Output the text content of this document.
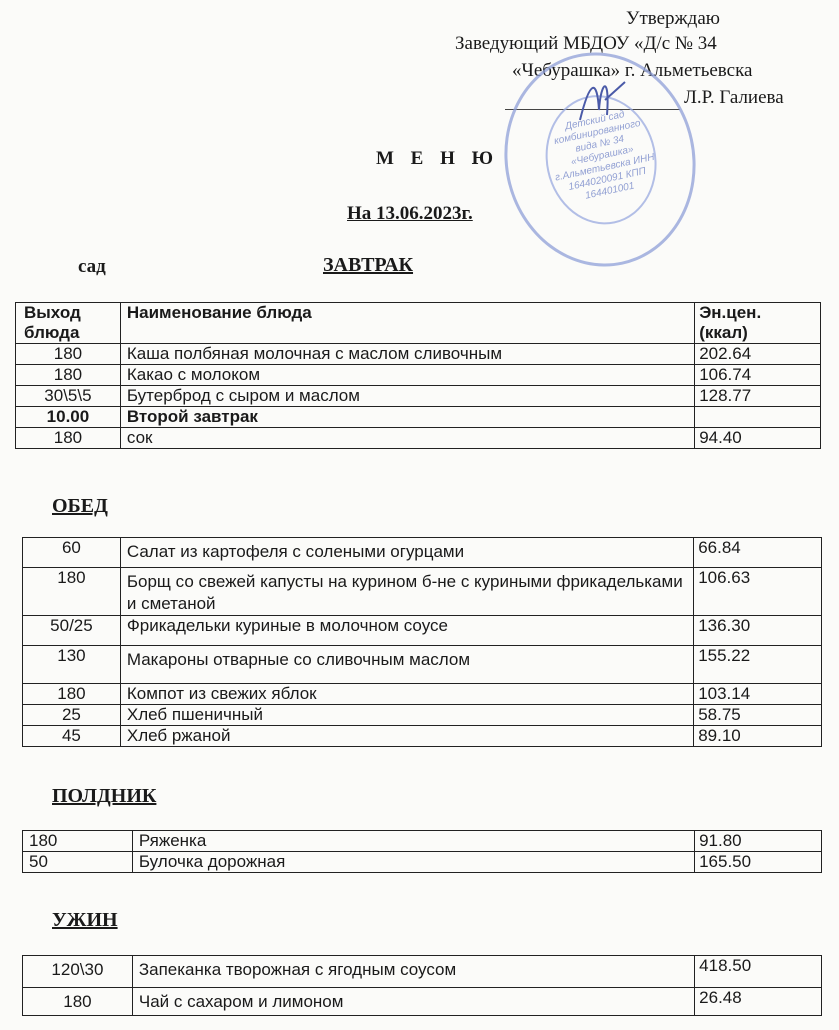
Утверждаю
Заведующий МБДОУ «Д/с № 34
«Чебурашка» г. Альметьевска
Л.Р. Галиева
Детский сад комбинированного вида № 34 «Чебурашка» г.Альметьевска ИНН 1644020091 КПП 164401001
М Е Н Ю
На 13.06.2023г.
сад	ЗАВТРАК
Выход блюда	Наименование блюда	Эн.цен. (ккал)
180	Каша полбяная молочная с маслом сливочным	202.64
180	Какао с молоком	106.74
30\5\5	Бутерброд с сыром и маслом	128.77
10.00	Второй завтрак	
180	сок	94.40
ОБЕД
60	Салат из картофеля с солеными огурцами	66.84
180	Борщ со свежей капусты на курином б-не с куриными фрикадельками и сметаной	106.63
50/25	Фрикадельки куриные в молочном соусе	136.30
130	Макароны отварные со сливочным маслом	155.22
180	Компот из свежих яблок	103.14
25	Хлеб пшеничный	58.75
45	Хлеб ржаной	89.10
ПОЛДНИК
180	Ряженка	91.80
50	Булочка дорожная	165.50
УЖИН
120\30	Запеканка творожная с ягодным соусом	418.50
180	Чай с сахаром и лимоном	26.48
